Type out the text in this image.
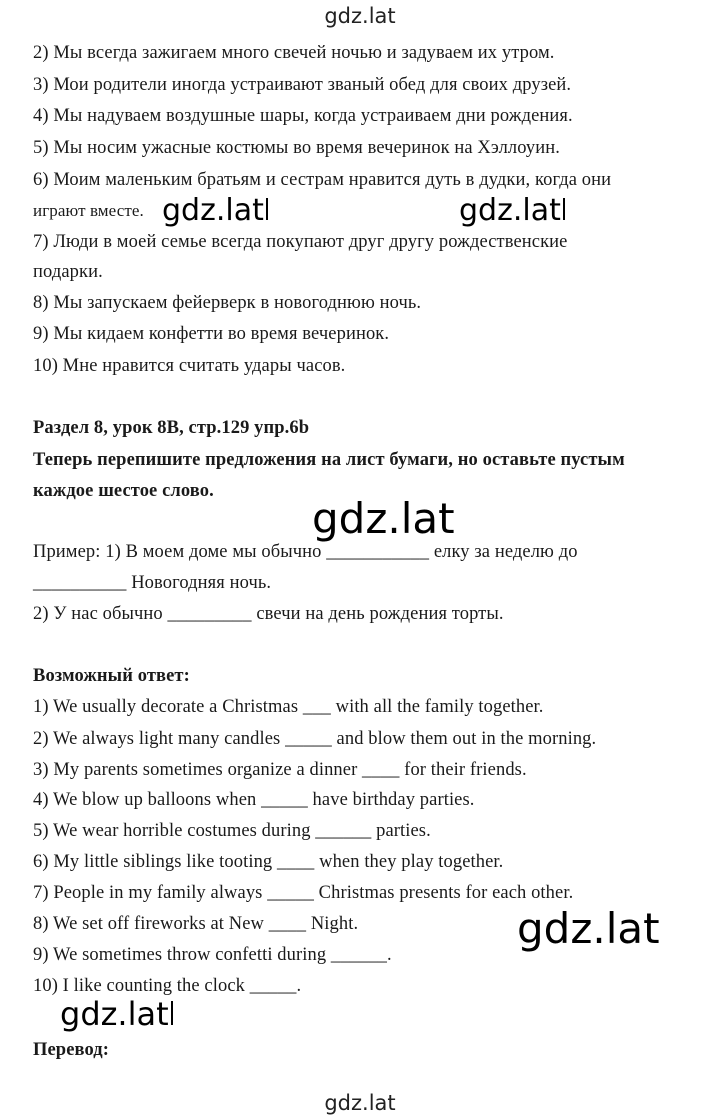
gdz.lat
2) Мы всегда зажигаем много свечей ночью и задуваем их утром.
3) Мои родители иногда устраивают званый обед для своих друзей.
4) Мы надуваем воздушные шары, когда устраиваем дни рождения.
5) Мы носим ужасные костюмы во время вечеринок на Хэллоуин.
6) Моим маленьким братьям и сестрам нравится дуть в дудки, когда они
играют вместе.
7) Люди в моей семье всегда покупают друг другу рождественские
подарки.
8) Мы запускаем фейерверк в новогоднюю ночь.
9) Мы кидаем конфетти во время вечеринок.
10) Мне нравится считать удары часов.
Раздел 8, урок 8B, стр.129 упр.6b
Теперь перепишите предложения на лист бумаги, но оставьте пустым
каждое шестое слово.
Пример: 1) В моем доме мы обычно ___________ елку за неделю до
__________ Новогодняя ночь.
2) У нас обычно _________ свечи на день рождения торты.
Возможный ответ:
1) We usually decorate a Christmas ___ with all the family together.
2) We always light many candles _____ and blow them out in the morning.
3) My parents sometimes organize a dinner ____ for their friends.
4) We blow up balloons when _____ have birthday parties.
5) We wear horrible costumes during ______ parties.
6) My little siblings like tooting ____ when they play together.
7) People in my family always _____ Christmas presents for each other.
8) We set off fireworks at New ____ Night.
9) We sometimes throw confetti during ______.
10) I like counting the clock _____.
Перевод:
gdz.lat	gdz.lat
gdz.lat
gdz.lat
gdz.lat
gdz.lat
